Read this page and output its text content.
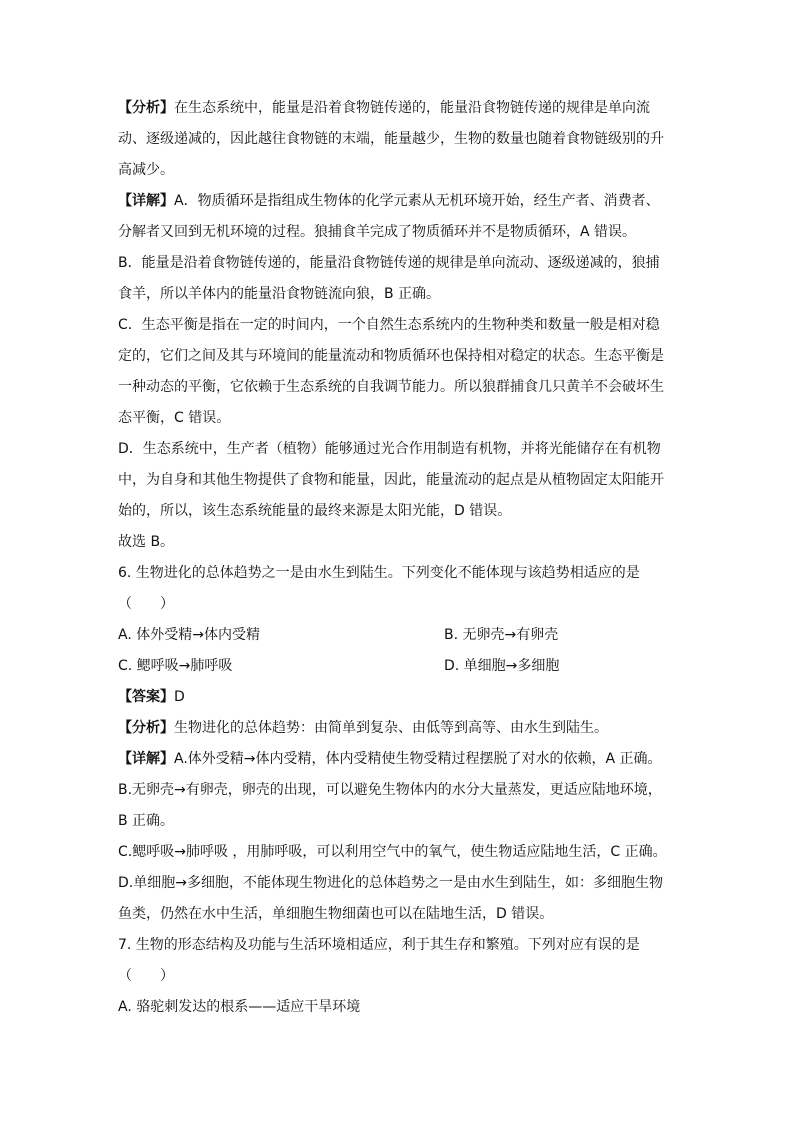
【分析】在生态系统中，能量是沿着食物链传递的，能量沿食物链传递的规律是单向流
动、逐级递减的，因此越往食物链的末端，能量越少，生物的数量也随着食物链级别的升
高减少。
【详解】A．物质循环是指组成生物体的化学元素从无机环境开始，经生产者、消费者、
分解者又回到无机环境的过程。狼捕食羊完成了物质循环并不是物质循环，A 错误。
B．能量是沿着食物链传递的，能量沿食物链传递的规律是单向流动、逐级递减的，狼捕
食羊，所以羊体内的能量沿食物链流向狼，B 正确。
C．生态平衡是指在一定的时间内，一个自然生态系统内的生物种类和数量一般是相对稳
定的，它们之间及其与环境间的能量流动和物质循环也保持相对稳定的状态。生态平衡是
一种动态的平衡，它依赖于生态系统的自我调节能力。所以狼群捕食几只黄羊不会破坏生
态平衡，C 错误。
D．生态系统中，生产者（植物）能够通过光合作用制造有机物，并将光能储存在有机物
中，为自身和其他生物提供了食物和能量，因此，能量流动的起点是从植物固定太阳能开
始的，所以，该生态系统能量的最终来源是太阳光能，D 错误。
故选 B。
6. 生物进化的总体趋势之一是由水生到陆生。下列变化不能体现与该趋势相适应的是
（　　）
A. 体外受精→体内受精	B. 无卵壳→有卵壳
C. 鳃呼吸→肺呼吸	D. 单细胞→多细胞
【答案】D
【分析】生物进化的总体趋势：由简单到复杂、由低等到高等、由水生到陆生。
【详解】A.体外受精→体内受精，体内受精使生物受精过程摆脱了对水的依赖，A 正确。
B.无卵壳→有卵壳，卵壳的出现，可以避免生物体内的水分大量蒸发，更适应陆地环境，
B 正确。
C.鳃呼吸→肺呼吸 ，用肺呼吸，可以利用空气中的氧气，使生物适应陆地生活，C 正确。
D.单细胞→多细胞，不能体现生物进化的总体趋势之一是由水生到陆生，如：多细胞生物
鱼类，仍然在水中生活，单细胞生物细菌也可以在陆地生活，D 错误。
7. 生物的形态结构及功能与生活环境相适应，利于其生存和繁殖。下列对应有误的是
（　　）
A. 骆驼刺发达的根系——适应干旱环境
